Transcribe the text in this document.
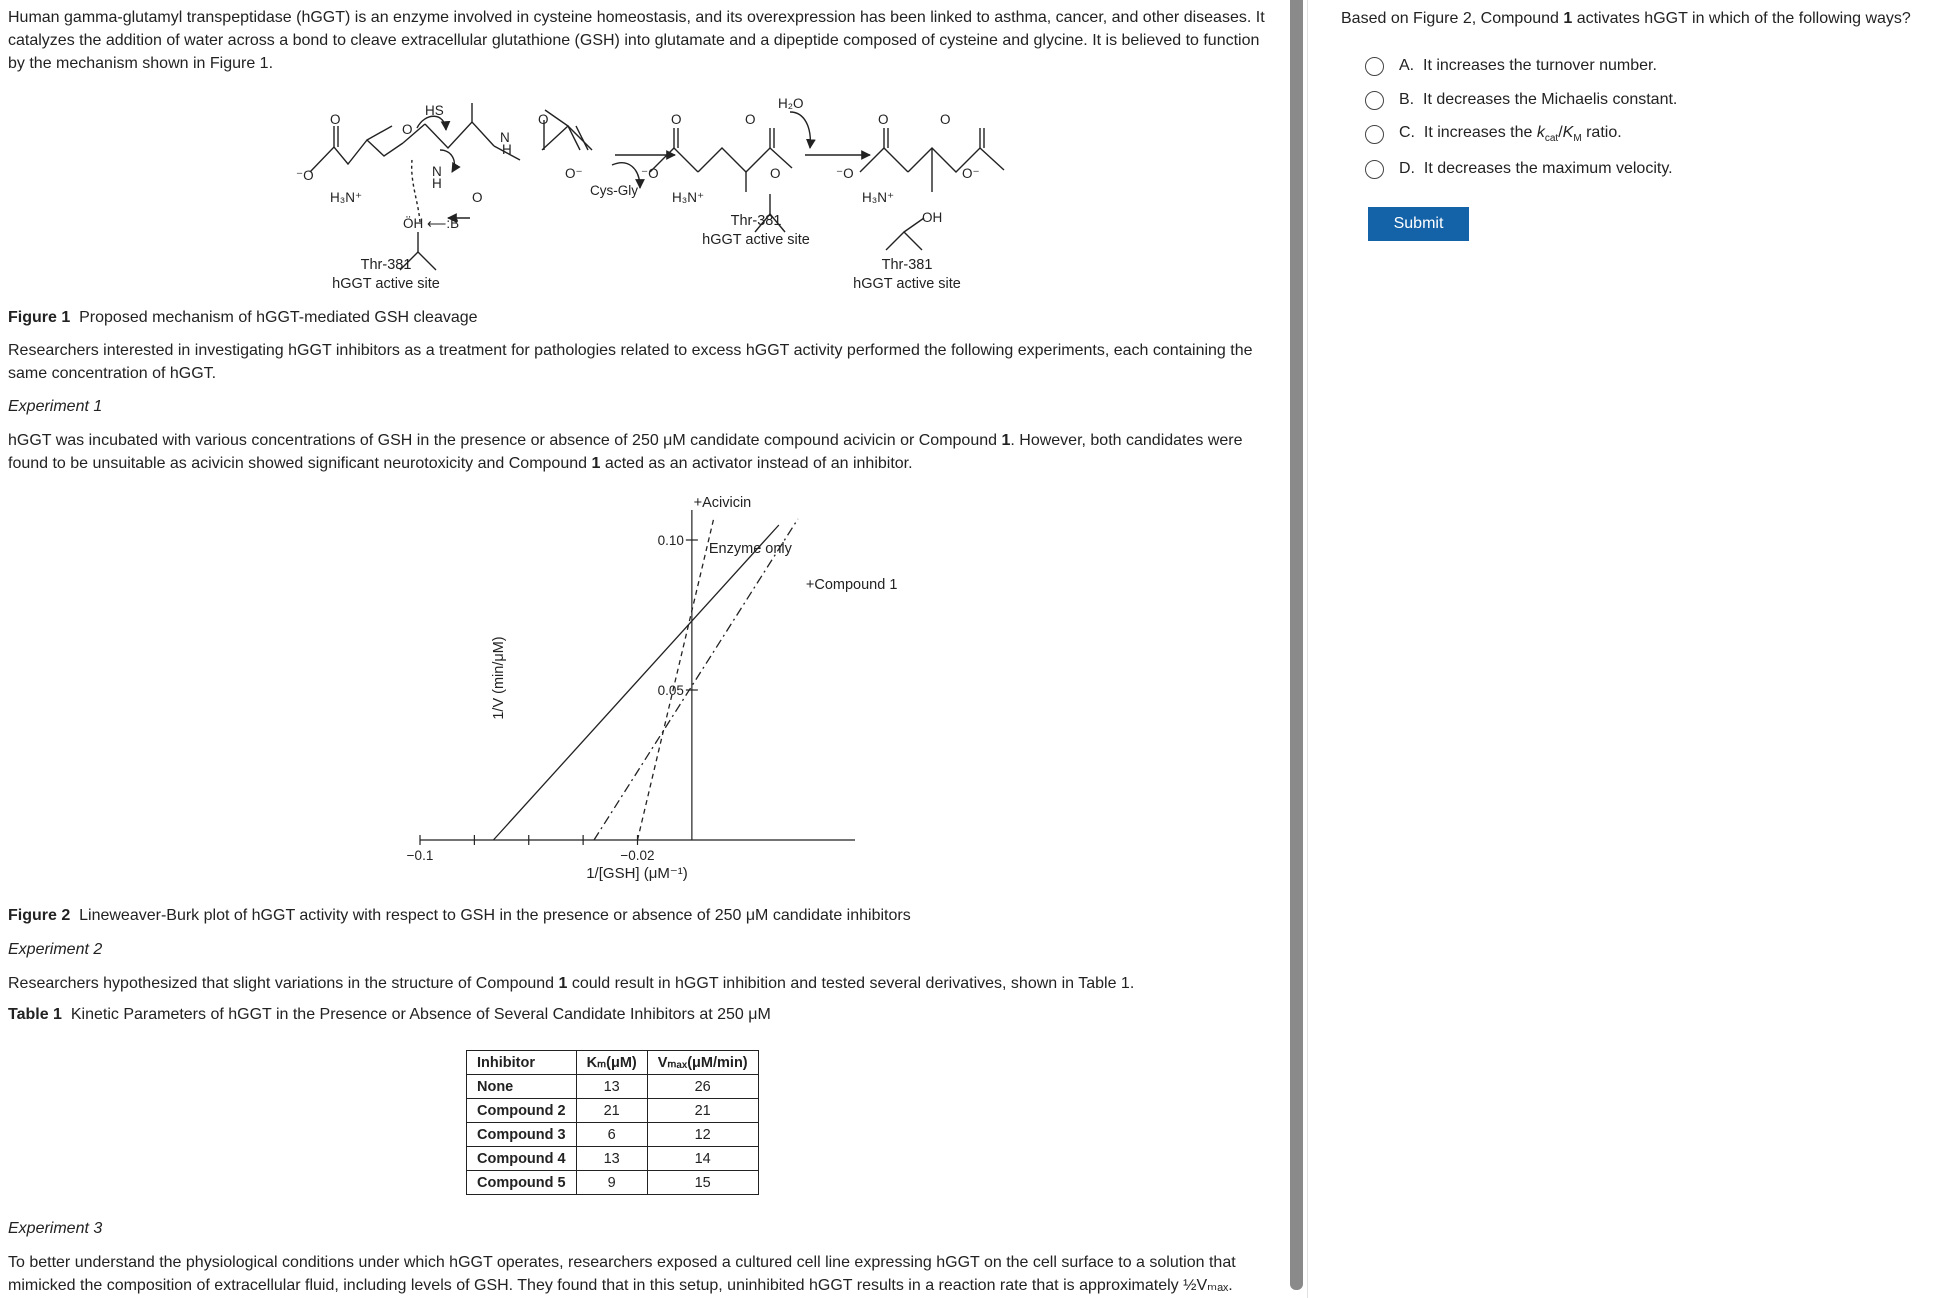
Human gamma-glutamyl transpeptidase (hGGT) is an enzyme involved in cysteine homeostasis, and its overexpression has been linked to asthma, cancer, and other diseases. It catalyzes the addition of water across a bond to cleave extracellular glutathione (GSH) into glutamate and a dipeptide composed of cysteine and glycine. It is believed to function by the mechanism shown in Figure 1.

O
⁻O
H₃N⁺
HS
O
N
H
ÖH ⟵:B
O
N
H
O
O⁻
Cys-Gly
⁻O
O
H₃N⁺
O
O
H₂O
⁻O
O
H₃N⁺
O
O⁻
OH
Thr-381
hGGT active site
Thr-381
hGGT active site
Thr-381
hGGT active site

Figure 1 Proposed mechanism of hGGT-mediated GSH cleavage

Researchers interested in investigating hGGT inhibitors as a treatment for pathologies related to excess hGGT activity performed the following experiments, each containing the same concentration of hGGT.

Experiment 1

hGGT was incubated with various concentrations of GSH in the presence or absence of 250 μM candidate compound acivicin or Compound 1. However, both candidates were found to be unsuitable as acivicin showed significant neurotoxicity and Compound 1 acted as an activator instead of an inhibitor.

−0.1	−0.02
0.05
0.10
Enzyme only
+Acivicin
+Compound 1
1/[GSH] (μM⁻¹)
1/V (min/μM)

Figure 2 Lineweaver-Burk plot of hGGT activity with respect to GSH in the presence or absence of 250 μM candidate inhibitors

Experiment 2

Researchers hypothesized that slight variations in the structure of Compound 1 could result in hGGT inhibition and tested several derivatives, shown in Table 1.

Table 1 Kinetic Parameters of hGGT in the Presence or Absence of Several Candidate Inhibitors at 250 μM

Inhibitor	Kₘ(μM)	Vₘₐₓ(μM/min)
None	13	26
Compound 2	21	21
Compound 3	6	12
Compound 4	13	14
Compound 5	9	15

Experiment 3

To better understand the physiological conditions under which hGGT operates, researchers exposed a cultured cell line expressing hGGT on the cell surface to a solution that mimicked the composition of extracellular fluid, including levels of GSH. They found that in this setup, uninhibited hGGT results in a reaction rate that is approximately ½Vₘₐₓ.

Based on Figure 2, Compound 1 activates hGGT in which of the following ways?

A. It increases the turnover number.
B. It decreases the Michaelis constant.
C. It increases the $k_{cat}/K_M$ ratio.
D. It decreases the maximum velocity.
Submit
